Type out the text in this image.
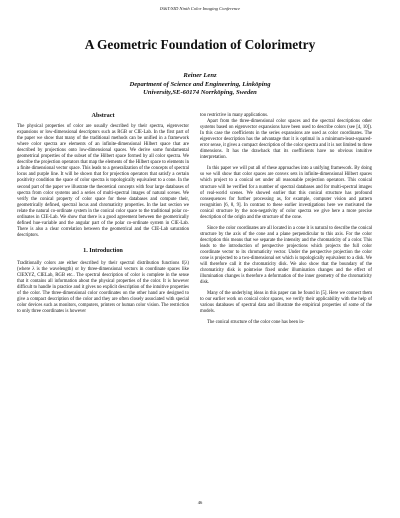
IS&T/SID Ninth Color Imaging Conference
A Geometric Foundation of Colorimetry
Reiner Lenz
Department of Science and Engineering, Linköping
University,SE-60174 Norrköping, Sweden
Abstract

The physical properties of color are usually described by their spectra, eigenvector expansions or low-dimensional descriptors such as RGB or CIE-Lab. In the first part of the paper we show that many of the traditional methods can be unified in a framework where color spectra are elements of an infinite-dimensional Hilbert space that are described by projections onto low-dimensional spaces. We derive some fundamental geometrical properties of the subset of the Hilbert space formed by all color spectra. We describe the projection operators that map the elements of the Hilbert space to elements in a finite dimensional vector space. This leads to a generalization of the concepts of spectral locus and purple line. It will be shown that for projection operators that satisfy a certain positivity condition the space of color spectra is topologically equivalent to a cone. In the second part of the paper we illustrate the theoretical concepts with four large databases of spectra from color systems and a series of multi-spectral images of natural scenes. We verify the conical property of color space for these databases and compute their, geometrically defined, spectral locus and chromaticity properties. In the last section we relate the natural co-ordinate system in the conical color space to the traditional polar co-ordinates in CIE-Lab. We show that there is a good agreement between the geometrically defined hue-variable and the angular part of the polar co-ordinate system in CIE-Lab. There is also a clear correlation between the geometrical and the CIE-Lab saturation descriptors.

1. Introduction

Traditionally colors are either described by their spectral distribution functions f(λ) (where λ is the wavelength) or by three-dimensional vectors in coordinate spaces like CIEXYZ, CIELab, RGB etc.. The spectral description of color is complete in the sense that it contains all information about the physical properties of the color. It is however difficult to handle in practice and it gives no explicit description of the intuitive properties of the color. The three-dimensional color coordinates on the other hand are designed to give a compact description of the color and they are often closely associated with special color devices such as monitors, computers, printers or human color vision. The restriction to only three coordinates is however

too restrictive in many applications.

Apart from the three-dimensional color spaces and the spectral descriptions other systems based on eigenvector expansions have been used to describe colors (see [4, 10]). In this case the coefficients in the series expansions are used as color coordinates. The eigenvector description has the advantage that it is optimal in a minimum-least-squared-error sense, it gives a compact description of the color spectra and it is not limited to three dimensions. It has the drawback that its coefficients have no obvious intuitive interpretation.

In this paper we will put all of these approaches into a unifying framework. By doing so we will show that color spaces are convex sets in infinite-dimensional Hilbert spaces which project to a conical set under all reasonable projection operators. This conical structure will be verified for a number of spectral databases and for multi-spectral images of real-world scenes. We showed earlier that this conical structure has profound consequences for further processing as, for example, computer vision and pattern recognition [6, 8, 9]. In contrast to these earlier investigations here we motivated the conical structure by the non-negativity of color spectra we give here a more precise description of the origin and the structure of the cone.

Since the color coordinates are all located in a cone it is natural to describe the conical structure by the axis of the cone and a plane perpendicular to this axis. For the color description this means that we separate the intensity and the chromaticity of a color. This leads to the introduction of perspective projections which projects the full color coordinate vector to its chromaticity vector. Under the perspective projection the color cone is projected to a two-dimensional set which is topologically equivalent to a disk. We will therefore call it the chromaticity disk. We also show that the boundary of the chromaticity disk is pointwise fixed under illumination changes and the effect of illumination changes is therefore a deformation of the inner geometry of the chromaticity disk.

Many of the underlying ideas in this paper can be found in [5]. Here we connect them to our earlier work on conical color spaces, we verify their applicability with the help of various databases of spectral data and illustrate the empirical properties of some of the models.

The conical structure of the color cone has been in-

46
